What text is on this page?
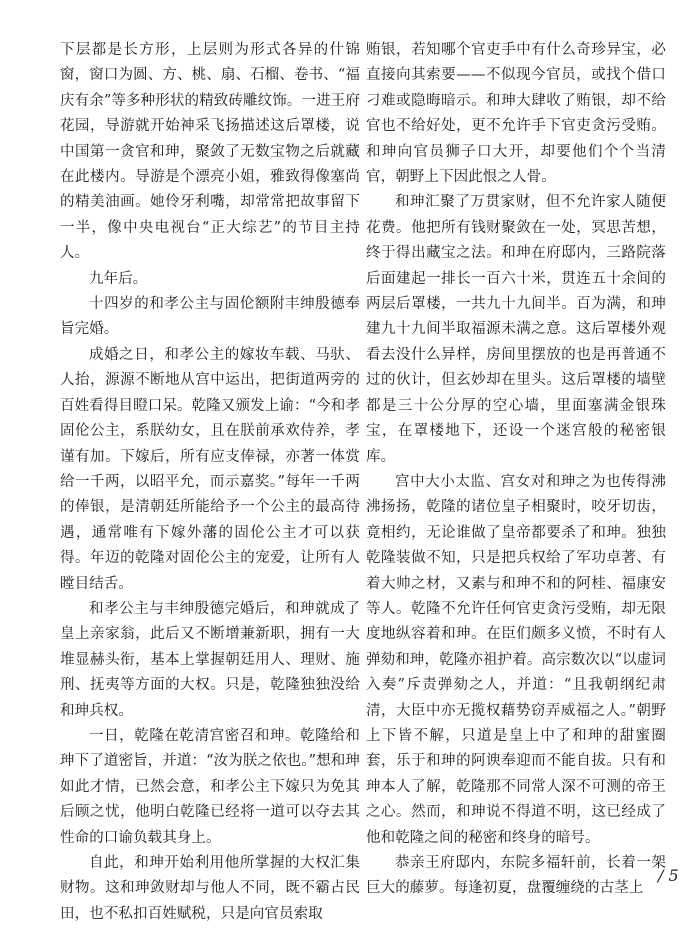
下层都是长方形，上层则为形式各异的什锦窗，窗口为圆、方、桃、扇、石榴、卷书、“福庆有余”等多种形状的精致砖雕纹饰。一进王府花园，导游就开始神采飞扬描述这后罩楼，说中国第一贪官和珅，聚敛了无数宝物之后就藏在此楼内。导游是个漂亮小姐，雅致得像塞尚的精美油画。她伶牙利嘴，却常常把故事留下一半，像中央电视台“正大综艺”的节目主持人。

九年后。

十四岁的和孝公主与固伦额附丰绅殷德奉旨完婚。

成婚之日，和孝公主的嫁妆车载、马驮、人抬，源源不断地从宫中运出，把街道两旁的百姓看得目瞪口呆。乾隆又颁发上谕：“今和孝固伦公主，系朕幼女，且在朕前承欢侍养，孝谨有加。下嫁后，所有应支俸禄，亦著一体赏给一千两，以昭平允，而示嘉奖。”每年一千两的俸银，是清朝廷所能给予一个公主的最高待遇，通常唯有下嫁外藩的固伦公主才可以获得。年迈的乾隆对固伦公主的宠爱，让所有人瞠目结舌。

和孝公主与丰绅殷德完婚后，和珅就成了皇上亲家翁，此后又不断增兼新职，拥有一大堆显赫头衔，基本上掌握朝廷用人、理财、施刑、抚夷等方面的大权。只是，乾隆独独没给和珅兵权。

一日，乾隆在乾清宫密召和珅。乾隆给和珅下了道密旨，并道：“汝为朕之依也。”想和珅如此才情，已然会意，和孝公主下嫁只为免其后顾之忧，他明白乾隆已经将一道可以夺去其性命的口谕负载其身上。

自此，和珅开始利用他所掌握的大权汇集财物。这和珅敛财却与他人不同，既不霸占民田，也不私扣百姓赋税，只是向官员索取

贿银，若知哪个官吏手中有什么奇珍异宝，必直接向其索要——不似现今官员，或找个借口刁难或隐晦暗示。和珅大肆收了贿银，却不给官也不给好处，更不允许手下官吏贪污受贿。和珅向官员狮子口大开，却要他们个个当清官，朝野上下因此恨之人骨。

和珅汇聚了万贯家财，但不允许家人随便花费。他把所有钱财聚敛在一处，冥思苦想，终于得出藏宝之法。和珅在府邸内，三路院落后面建起一排长一百六十米，贯连五十余间的两层后罩楼，一共九十九间半。百为满，和珅建九十九间半取福源未满之意。这后罩楼外观看去没什么异样，房间里摆放的也是再普通不过的伙计，但玄妙却在里头。这后罩楼的墙壁都是三十公分厚的空心墙，里面塞满金银珠宝，在罩楼地下，还设一个迷宫般的秘密银库。

宫中大小太监、宫女对和珅之为也传得沸沸扬扬，乾隆的诸位皇子相聚时，咬牙切齿，竟相约，无论谁做了皇帝都要杀了和珅。独独乾隆装做不知，只是把兵权给了军功卓著、有着大帅之材，又素与和珅不和的阿桂、福康安等人。乾隆不允许任何官吏贪污受贿，却无限度地纵容着和珅。在臣们颇多义愤，不时有人弹劾和珅，乾隆亦祖护着。高宗数次以“以虚词入奏”斥责弹劾之人，并道：“且我朝纲纪肃清，大臣中亦无揽权藉势窃弄威福之人。”朝野上下皆不解，只道是皇上中了和珅的甜蜜圈套，乐于和珅的阿谀奉迎而不能自拔。只有和珅本人了解，乾隆那不同常人深不可测的帝王之心。然而，和珅说不得道不明，这已经成了他和乾隆之间的秘密和终身的暗号。

恭亲王府邸内，东院多福轩前，长着一架巨大的藤萝。每逢初夏，盘覆缠绕的古茎上

/ 5
